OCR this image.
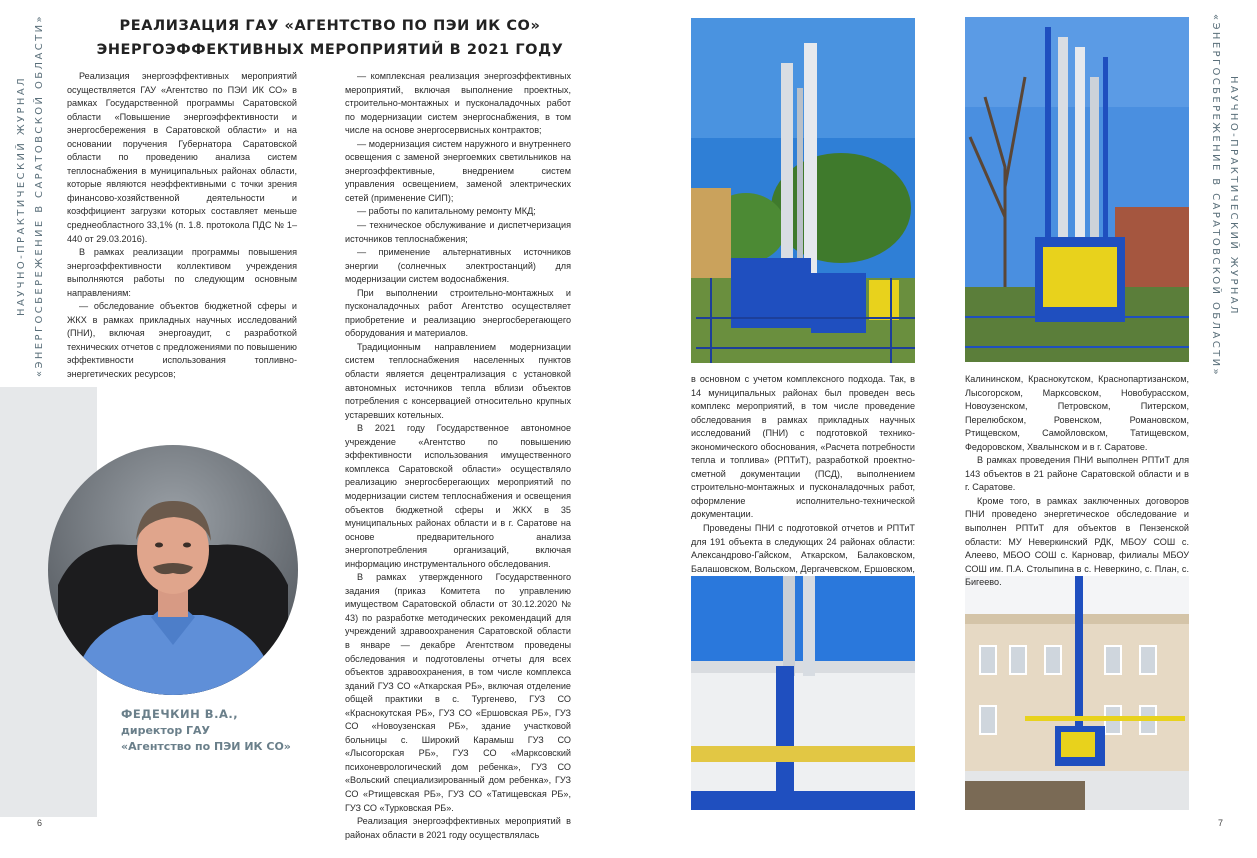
НАУЧНО-ПРАКТИЧЕСКИЙ ЖУРНАЛ «ЭНЕРГОСБЕРЕЖЕНИЕ В САРАТОВСКОЙ ОБЛАСТИ»	«ЭНЕРГОСБЕРЕЖЕНИЕ В САРАТОВСКОЙ ОБЛАСТИ» НАУЧНО-ПРАКТИЧЕСКИЙ ЖУРНАЛ
РЕАЛИЗАЦИЯ ГАУ «АГЕНТСТВО ПО ПЭИ ИК СО»
ЭНЕРГОЭФФЕКТИВНЫХ МЕРОПРИЯТИЙ В 2021 ГОДУ

Реализация энергоэффективных мероприятий осуществляется ГАУ «Агентство по ПЭИ ИК СО» в рамках Государственной программы Саратовской области «Повышение энергоэффективности и энергосбережения в Саратовской области» и на основании поручения Губернатора Саратовской области по проведению анализа систем теплоснабжения в муниципальных районах области, которые являются неэффективными с точки зрения финансово-хозяйственной деятельности и коэффициент загрузки которых составляет меньше среднеобластного 33,1% (п. 1.8. протокола ПДС № 1–440 от 29.03.2016).

В рамках реализации программы повышения энергоэффективности коллективом учреждения выполняются работы по следующим основным направлениям:

— обследование объектов бюджетной сферы и ЖКХ в рамках прикладных научных исследований (ПНИ), включая энергоаудит, с разработкой технических отчетов с предложениями по повышению эффективности использования топливно-энергетических ресурсов;

— комплексная реализация энергоэффективных мероприятий, включая выполнение проектных, строительно-монтажных и пусконаладочных работ по модернизации систем энергоснабжения, в том числе на основе энергосервисных контрактов;

— модернизация систем наружного и внутреннего освещения с заменой энергоемких светильников на энергоэффективные, внедрением систем управления освещением, заменой электрических сетей (применение СИП);

— работы по капитальному ремонту МКД;

— техническое обслуживание и диспетчеризация источников теплоснабжения;

— применение альтернативных источников энергии (солнечных электростанций) для модернизации систем водоснабжения.

При выполнении строительно-монтажных и пусконаладочных работ Агентство осуществляет приобретение и реализацию энергосберегающего оборудования и материалов.

Традиционным направлением модернизации систем теплоснабжения населенных пунктов области является децентрализация с установкой автономных источников тепла вблизи объектов потребления с консервацией относительно крупных устаревших котельных.

В 2021 году Государственное автономное учреждение «Агентство по повышению эффективности использования имущественного комплекса Саратовской области» осуществляло реализацию энергосберегающих мероприятий по модернизации систем теплоснабжения и освещения объектов бюджетной сферы и ЖКХ в 35 муниципальных районах области и в г. Саратове на основе предварительного анализа энергопотребления организаций, включая информацию инструментального обследования.

В рамках утвержденного Государственного задания (приказ Комитета по управлению имуществом Саратовской области от 30.12.2020 № 43) по разработке методических рекомендаций для учреждений здравоохранения Саратовской области в январе — декабре Агентством проведены обследования и подготовлены отчеты для всех объектов здравоохранения, в том числе комплекса зданий ГУЗ СО «Аткарская РБ», включая отделение общей практики в с. Тургенево, ГУЗ СО «Краснокутская РБ», ГУЗ СО «Ершовская РБ», ГУЗ СО «Новоузенская РБ», здание участковой больницы с. Широкий Карамыш ГУЗ СО «Лысогорская РБ», ГУЗ СО «Марксовский психоневрологический дом ребенка», ГУЗ СО «Вольский специализированный дом ребенка», ГУЗ СО «Ртищевская РБ», ГУЗ СО «Татищевская РБ», ГУЗ СО «Турковская РБ».

Реализация энергоэффективных мероприятий в районах области в 2021 году осуществлялась

ФЕДЕЧКИН В.А.,
директор ГАУ
«Агентство по ПЭИ ИК СО»

в основном с учетом комплексного подхода. Так, в 14 муниципальных районах был проведен весь комплекс мероприятий, в том числе проведение обследования в рамках прикладных научных исследований (ПНИ) с подготовкой технико-экономического обоснования, «Расчета потребности тепла и топлива» (РПТиТ), разработкой проектно-сметной документации (ПСД), выполнением строительно-монтажных и пусконаладочных работ, оформление исполнительно-технической документации.

Проведены ПНИ с подготовкой отчетов и РПТиТ для 191 объекта в следующих 24 районах области: Александрово-Гайском, Аткарском, Балаковском, Балашовском, Вольском, Дергачевском, Ершовском,

Калининском, Краснокутском, Краснопартизанском, Лысогорском, Марксовском, Новобурасском, Новоузенском, Петровском, Питерском, Перелюбском, Ровенском, Романовском, Ртищевском, Самойловском, Татищевском, Федоровском, Хвалынском и в г. Саратове.

В рамках проведения ПНИ выполнен РПТиТ для 143 объектов в 21 районе Саратовской области и в г. Саратове.

Кроме того, в рамках заключенных договоров ПНИ проведено энергетическое обследование и выполнен РПТиТ для объектов в Пензенской области: МУ Неверкинский РДК, МБОУ СОШ с. Алеево, МБОО СОШ с. Карновар, филиалы МБОУ СОШ им. П.А. Столыпина в с. Неверкино, с. План, с. Бигеево.

6	7
